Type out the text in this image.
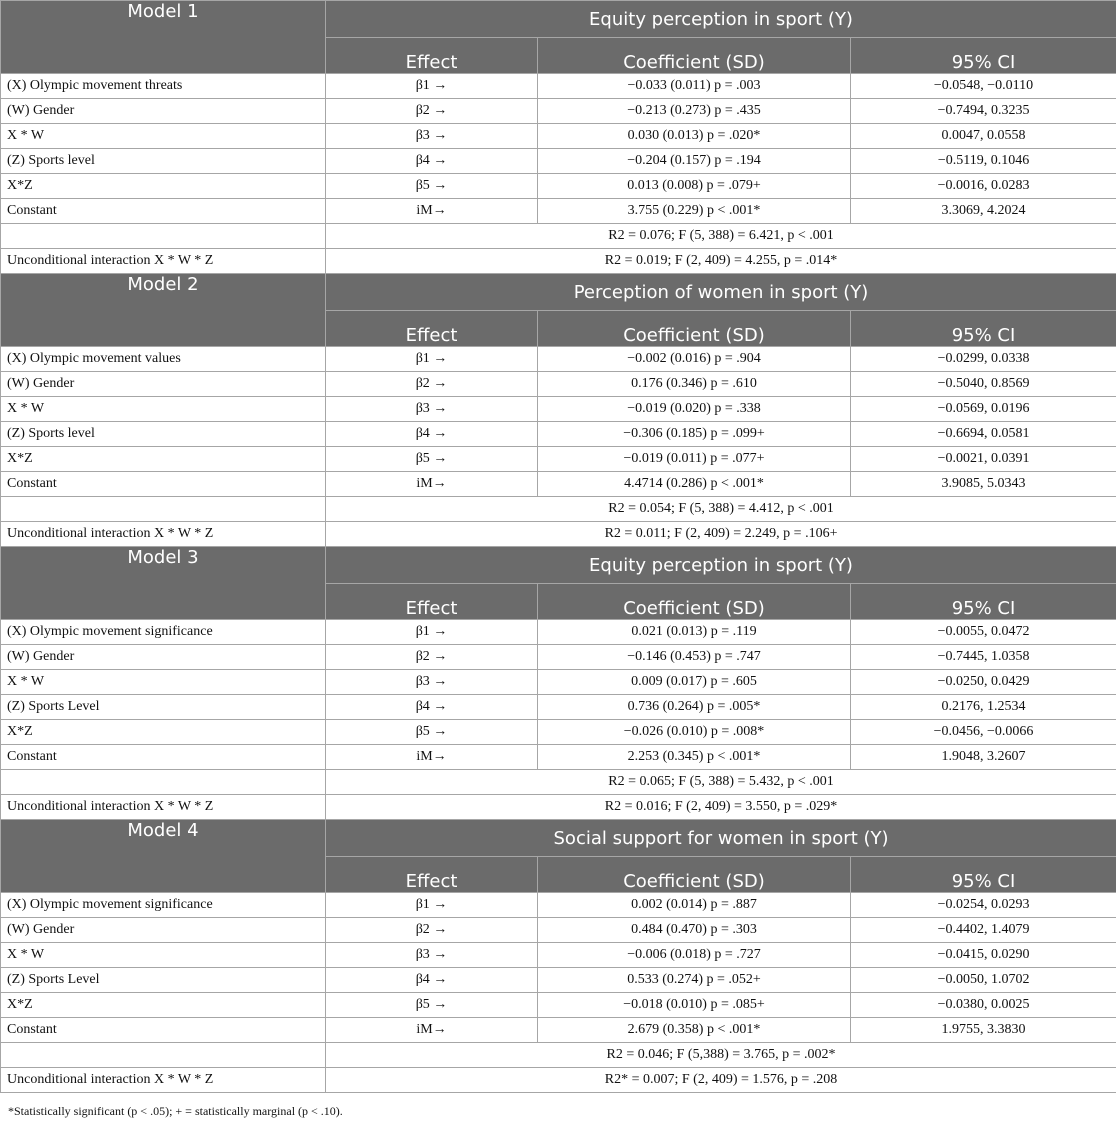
Model 1	Equity perception in sport (Y)		
	Effect	Coefficient (SD)	95% CI
(X) Olympic movement threats	β1 →	−0.033 (0.011) p = .003	−0.0548, −0.0110
(W) Gender	β2 →	−0.213 (0.273) p = .435	−0.7494, 0.3235
X * W	β3 →	0.030 (0.013) p = .020*	0.0047, 0.0558
(Z) Sports level	β4 →	−0.204 (0.157) p = .194	−0.5119, 0.1046
X*Z	β5 →	0.013 (0.008) p = .079+	−0.0016, 0.0283
Constant	iM→	3.755 (0.229) p < .001*	3.3069, 4.2024
	R2 = 0.076; F (5, 388) = 6.421, p < .001		
Unconditional interaction X * W * Z	R2 = 0.019; F (2, 409) = 4.255, p = .014*		
Model 2	Perception of women in sport (Y)		
	Effect	Coefficient (SD)	95% CI
(X) Olympic movement values	β1 →	−0.002 (0.016) p = .904	−0.0299, 0.0338
(W) Gender	β2 →	0.176 (0.346) p = .610	−0.5040, 0.8569
X * W	β3 →	−0.019 (0.020) p = .338	−0.0569, 0.0196
(Z) Sports level	β4 →	−0.306 (0.185) p = .099+	−0.6694, 0.0581
X*Z	β5 →	−0.019 (0.011) p = .077+	−0.0021, 0.0391
Constant	iM→	4.4714 (0.286) p < .001*	3.9085, 5.0343
	R2 = 0.054; F (5, 388) = 4.412, p < .001		
Unconditional interaction X * W * Z	R2 = 0.011; F (2, 409) = 2.249, p = .106+		
Model 3	Equity perception in sport (Y)		
	Effect	Coefficient (SD)	95% CI
(X) Olympic movement significance	β1 →	0.021 (0.013) p = .119	−0.0055, 0.0472
(W) Gender	β2 →	−0.146 (0.453) p = .747	−0.7445, 1.0358
X * W	β3 →	0.009 (0.017) p = .605	−0.0250, 0.0429
(Z) Sports Level	β4 →	0.736 (0.264) p = .005*	0.2176, 1.2534
X*Z	β5 →	−0.026 (0.010) p = .008*	−0.0456, −0.0066
Constant	iM→	2.253 (0.345) p < .001*	1.9048, 3.2607
	R2 = 0.065; F (5, 388) = 5.432, p < .001		
Unconditional interaction X * W * Z	R2 = 0.016; F (2, 409) = 3.550, p = .029*		
Model 4	Social support for women in sport (Y)		
	Effect	Coefficient (SD)	95% CI
(X) Olympic movement significance	β1 →	0.002 (0.014) p = .887	−0.0254, 0.0293
(W) Gender	β2 →	0.484 (0.470) p = .303	−0.4402, 1.4079
X * W	β3 →	−0.006 (0.018) p = .727	−0.0415, 0.0290
(Z) Sports Level	β4 →	0.533 (0.274) p = .052+	−0.0050, 1.0702
X*Z	β5 →	−0.018 (0.010) p = .085+	−0.0380, 0.0025
Constant	iM→	2.679 (0.358) p < .001*	1.9755, 3.3830
	R2 = 0.046; F (5,388) = 3.765, p = .002*		
Unconditional interaction X * W * Z	R2* = 0.007; F (2, 409) = 1.576, p = .208		
*Statistically significant (p < .05); + = statistically marginal (p < .10).
